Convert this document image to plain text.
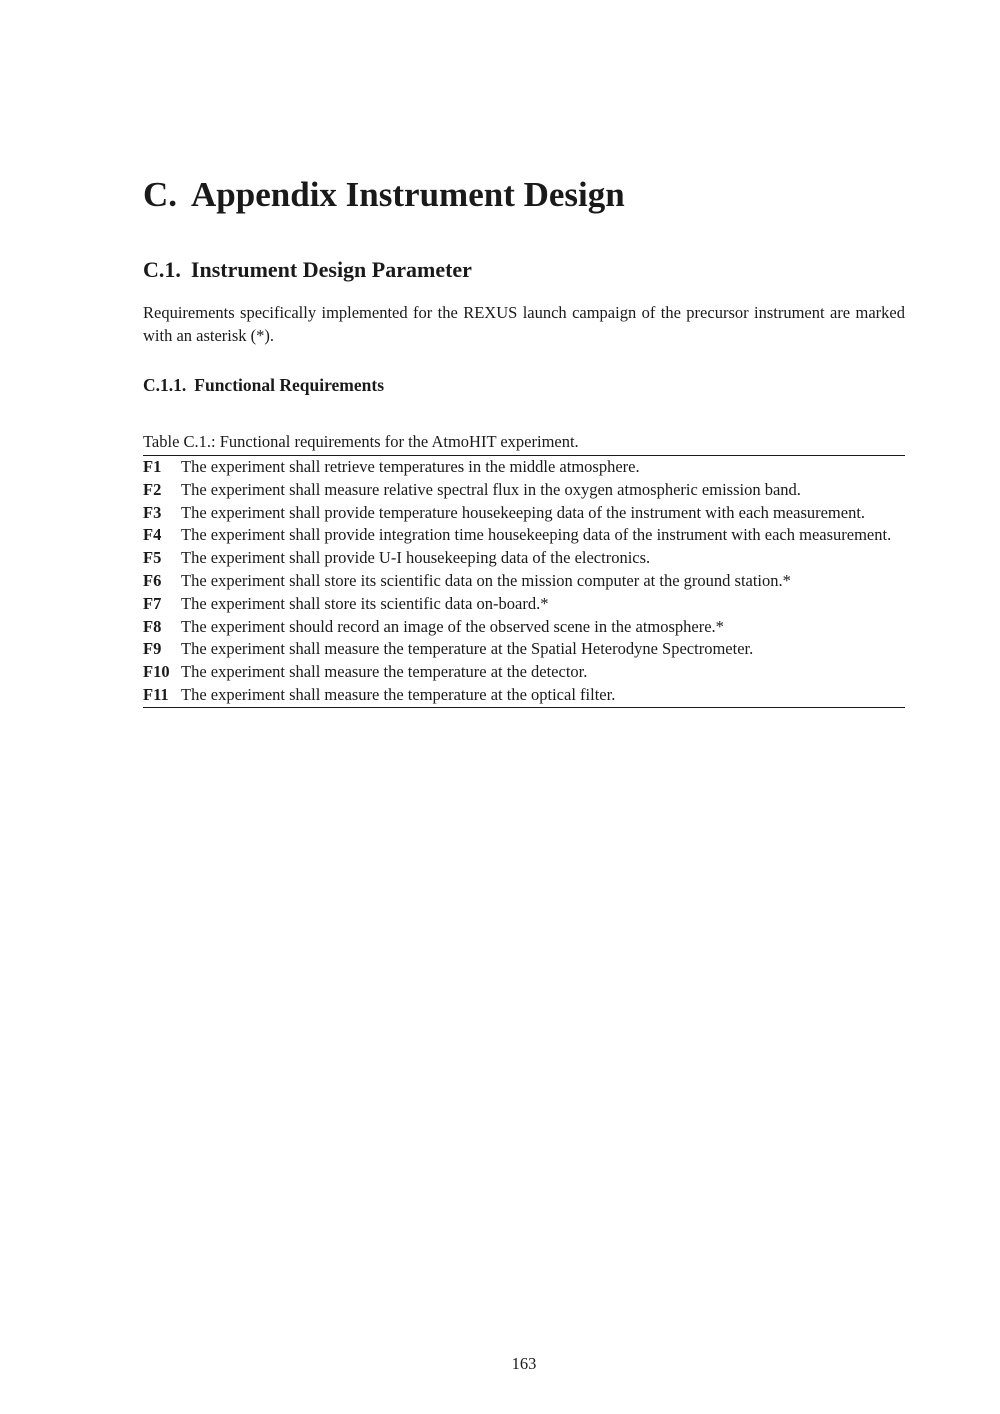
C. Appendix Instrument Design
C.1. Instrument Design Parameter

Requirements specifically implemented for the REXUS launch campaign of the precursor instrument are marked with an asterisk (*).

C.1.1. Functional Requirements

Table C.1.: Functional requirements for the AtmoHIT experiment.

F1	The experiment shall retrieve temperatures in the middle atmosphere.
F2	The experiment shall measure relative spectral flux in the oxygen atmospheric emission band.
F3	The experiment shall provide temperature housekeeping data of the instrument with each measurement.
F4	The experiment shall provide integration time housekeeping data of the instrument with each measurement.
F5	The experiment shall provide U-I housekeeping data of the electronics.
F6	The experiment shall store its scientific data on the mission computer at the ground station.*
F7	The experiment shall store its scientific data on-board.*
F8	The experiment should record an image of the observed scene in the atmosphere.*
F9	The experiment shall measure the temperature at the Spatial Heterodyne Spectrometer.
F10	The experiment shall measure the temperature at the detector.
F11	The experiment shall measure the temperature at the optical filter.

163
